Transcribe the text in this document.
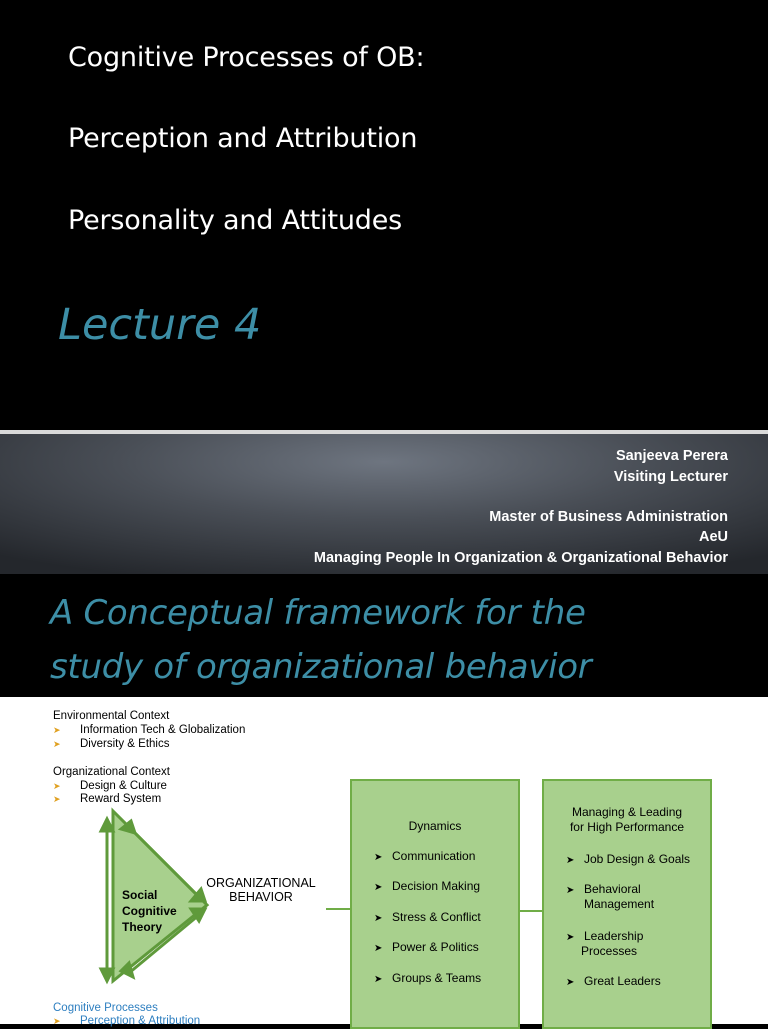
Cognitive Processes of OB:
Perception and Attribution
Personality and Attitudes
Lecture 4
Sanjeeva Perera
Visiting Lecturer
Master of Business Administration
AeU
Managing People In Organization & Organizational Behavior
A Conceptual framework for the
study of organizational behavior
Environmental Context
➤ Information Tech & Globalization
➤ Diversity & Ethics
Organizational Context
➤ Design & Culture
➤ Reward System
Cognitive Processes
➤ Perception & Attribution
Social
Cognitive
Theory
ORGANIZATIONAL
BEHAVIOR
Dynamics
➤ Communication
➤ Decision Making
➤ Stress & Conflict
➤ Power & Politics
➤ Groups & Teams
Managing & Leading
for High Performance
➤ Job Design & Goals
➤ Behavioral
Management
➤ Leadership
Processes
➤ Great Leaders
